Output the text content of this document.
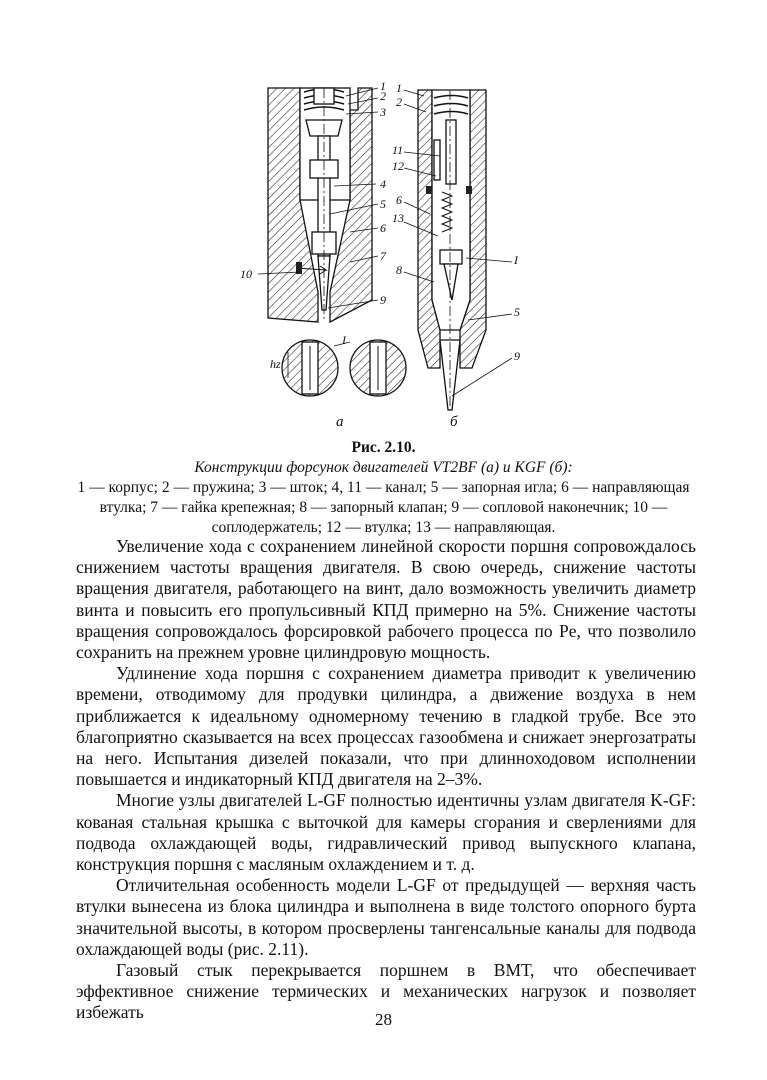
1
2
3
4
5
6
7
9
10
I
hz
а
1
2
11
12
6
13
I
8
5
9
б
Рис. 2.10.
Конструкции форсунок двигателей VT2BF (а) и KGF (б):
1 — корпус; 2 — пружина; 3 — шток; 4, 11 — канал; 5 — запорная игла; 6 — направляющая
втулка; 7 — гайка крепежная; 8 — запорный клапан; 9 — сопловой наконечник; 10 —
соплодержатель; 12 — втулка; 13 — направляющая.

Увеличение хода с сохранением линейной скорости поршня сопровождалось снижением частоты вращения двигателя. В свою очередь, снижение частоты вращения двигателя, работающего на винт, дало возможность увеличить диаметр винта и повысить его пропульсивный КПД примерно на 5%. Снижение частоты вращения сопровождалось форсировкой рабочего процесса по Pe, что позволило сохранить на прежнем уровне цилиндровую мощность.

Удлинение хода поршня с сохранением диаметра приводит к увеличению времени, отводимому для продувки цилиндра, а движение воздуха в нем приближается к идеальному одномерному течению в гладкой трубе. Все это благоприятно сказывается на всех процессах газообмена и снижает энергозатраты на него. Испытания дизелей показали, что при длинноходовом исполнении повышается и индикаторный КПД двигателя на 2–3%.

Многие узлы двигателей L-GF полностью идентичны узлам двигателя K-GF: кованая стальная крышка с выточкой для камеры сгорания и сверлениями для подвода охлаждающей воды, гидравлический привод выпускного клапана, конструкция поршня с масляным охлаждением и т. д.

Отличительная особенность модели L-GF от предыдущей — верхняя часть втулки вынесена из блока цилиндра и выполнена в виде толстого опорного бурта значительной высоты, в котором просверлены тангенсальные каналы для подвода охлаждающей воды (рис. 2.11).

Газовый стык перекрывается поршнем в ВМТ, что обеспечивает эффективное снижение термических и механических нагрузок и позволяет избежать	28
